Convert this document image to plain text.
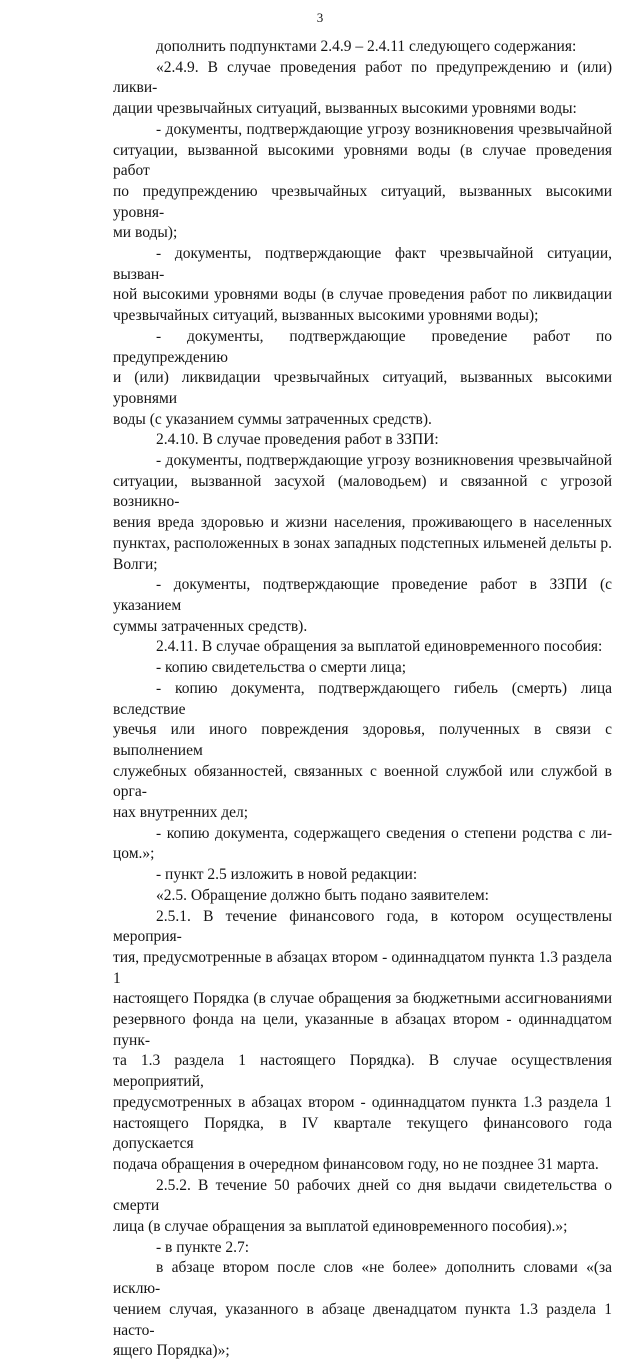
3
дополнить подпунктами 2.4.9 – 2.4.11 следующего содержания:
«2.4.9. В случае проведения работ по предупреждению и (или) ликви-
дации чрезвычайных ситуаций, вызванных высокими уровнями воды:
- документы, подтверждающие угрозу возникновения чрезвычайной
ситуации, вызванной высокими уровнями воды (в случае проведения работ
по предупреждению чрезвычайных ситуаций, вызванных высокими уровня-
ми воды);
- документы, подтверждающие факт чрезвычайной ситуации, вызван-
ной высокими уровнями воды (в случае проведения работ по ликвидации
чрезвычайных ситуаций, вызванных высокими уровнями воды);
- документы, подтверждающие проведение работ по предупреждению
и (или) ликвидации чрезвычайных ситуаций, вызванных высокими уровнями
воды (с указанием суммы затраченных средств).
2.4.10. В случае проведения работ в ЗЗПИ:
- документы, подтверждающие угрозу возникновения чрезвычайной
ситуации, вызванной засухой (маловодьем) и связанной с угрозой возникно-
вения вреда здоровью и жизни населения, проживающего в населенных
пунктах, расположенных в зонах западных подстепных ильменей дельты р.
Волги;
- документы, подтверждающие проведение работ в ЗЗПИ (с указанием
суммы затраченных средств).
2.4.11. В случае обращения за выплатой единовременного пособия:
- копию свидетельства о смерти лица;
- копию документа, подтверждающего гибель (смерть) лица вследствие
увечья или иного повреждения здоровья, полученных в связи с выполнением
служебных обязанностей, связанных с военной службой или службой в орга-
нах внутренних дел;
- копию документа, содержащего сведения о степени родства с ли-
цом.»;
- пункт 2.5 изложить в новой редакции:
«2.5. Обращение должно быть подано заявителем:
2.5.1. В течение финансового года, в котором осуществлены мероприя-
тия, предусмотренные в абзацах втором - одиннадцатом пункта 1.3 раздела 1
настоящего Порядка (в случае обращения за бюджетными ассигнованиями
резервного фонда на цели, указанные в абзацах втором - одиннадцатом пунк-
та 1.3 раздела 1 настоящего Порядка). В случае осуществления мероприятий,
предусмотренных в абзацах втором - одиннадцатом пункта 1.3 раздела 1
настоящего Порядка, в IV квартале текущего финансового года допускается
подача обращения в очередном финансовом году, но не позднее 31 марта.
2.5.2. В течение 50 рабочих дней со дня выдачи свидетельства о смерти
лица (в случае обращения за выплатой единовременного пособия).»;
- в пункте 2.7:
в абзаце втором после слов «не более» дополнить словами «(за исклю-
чением случая, указанного в абзаце двенадцатом пункта 1.3 раздела 1 насто-
ящего Порядка)»;
